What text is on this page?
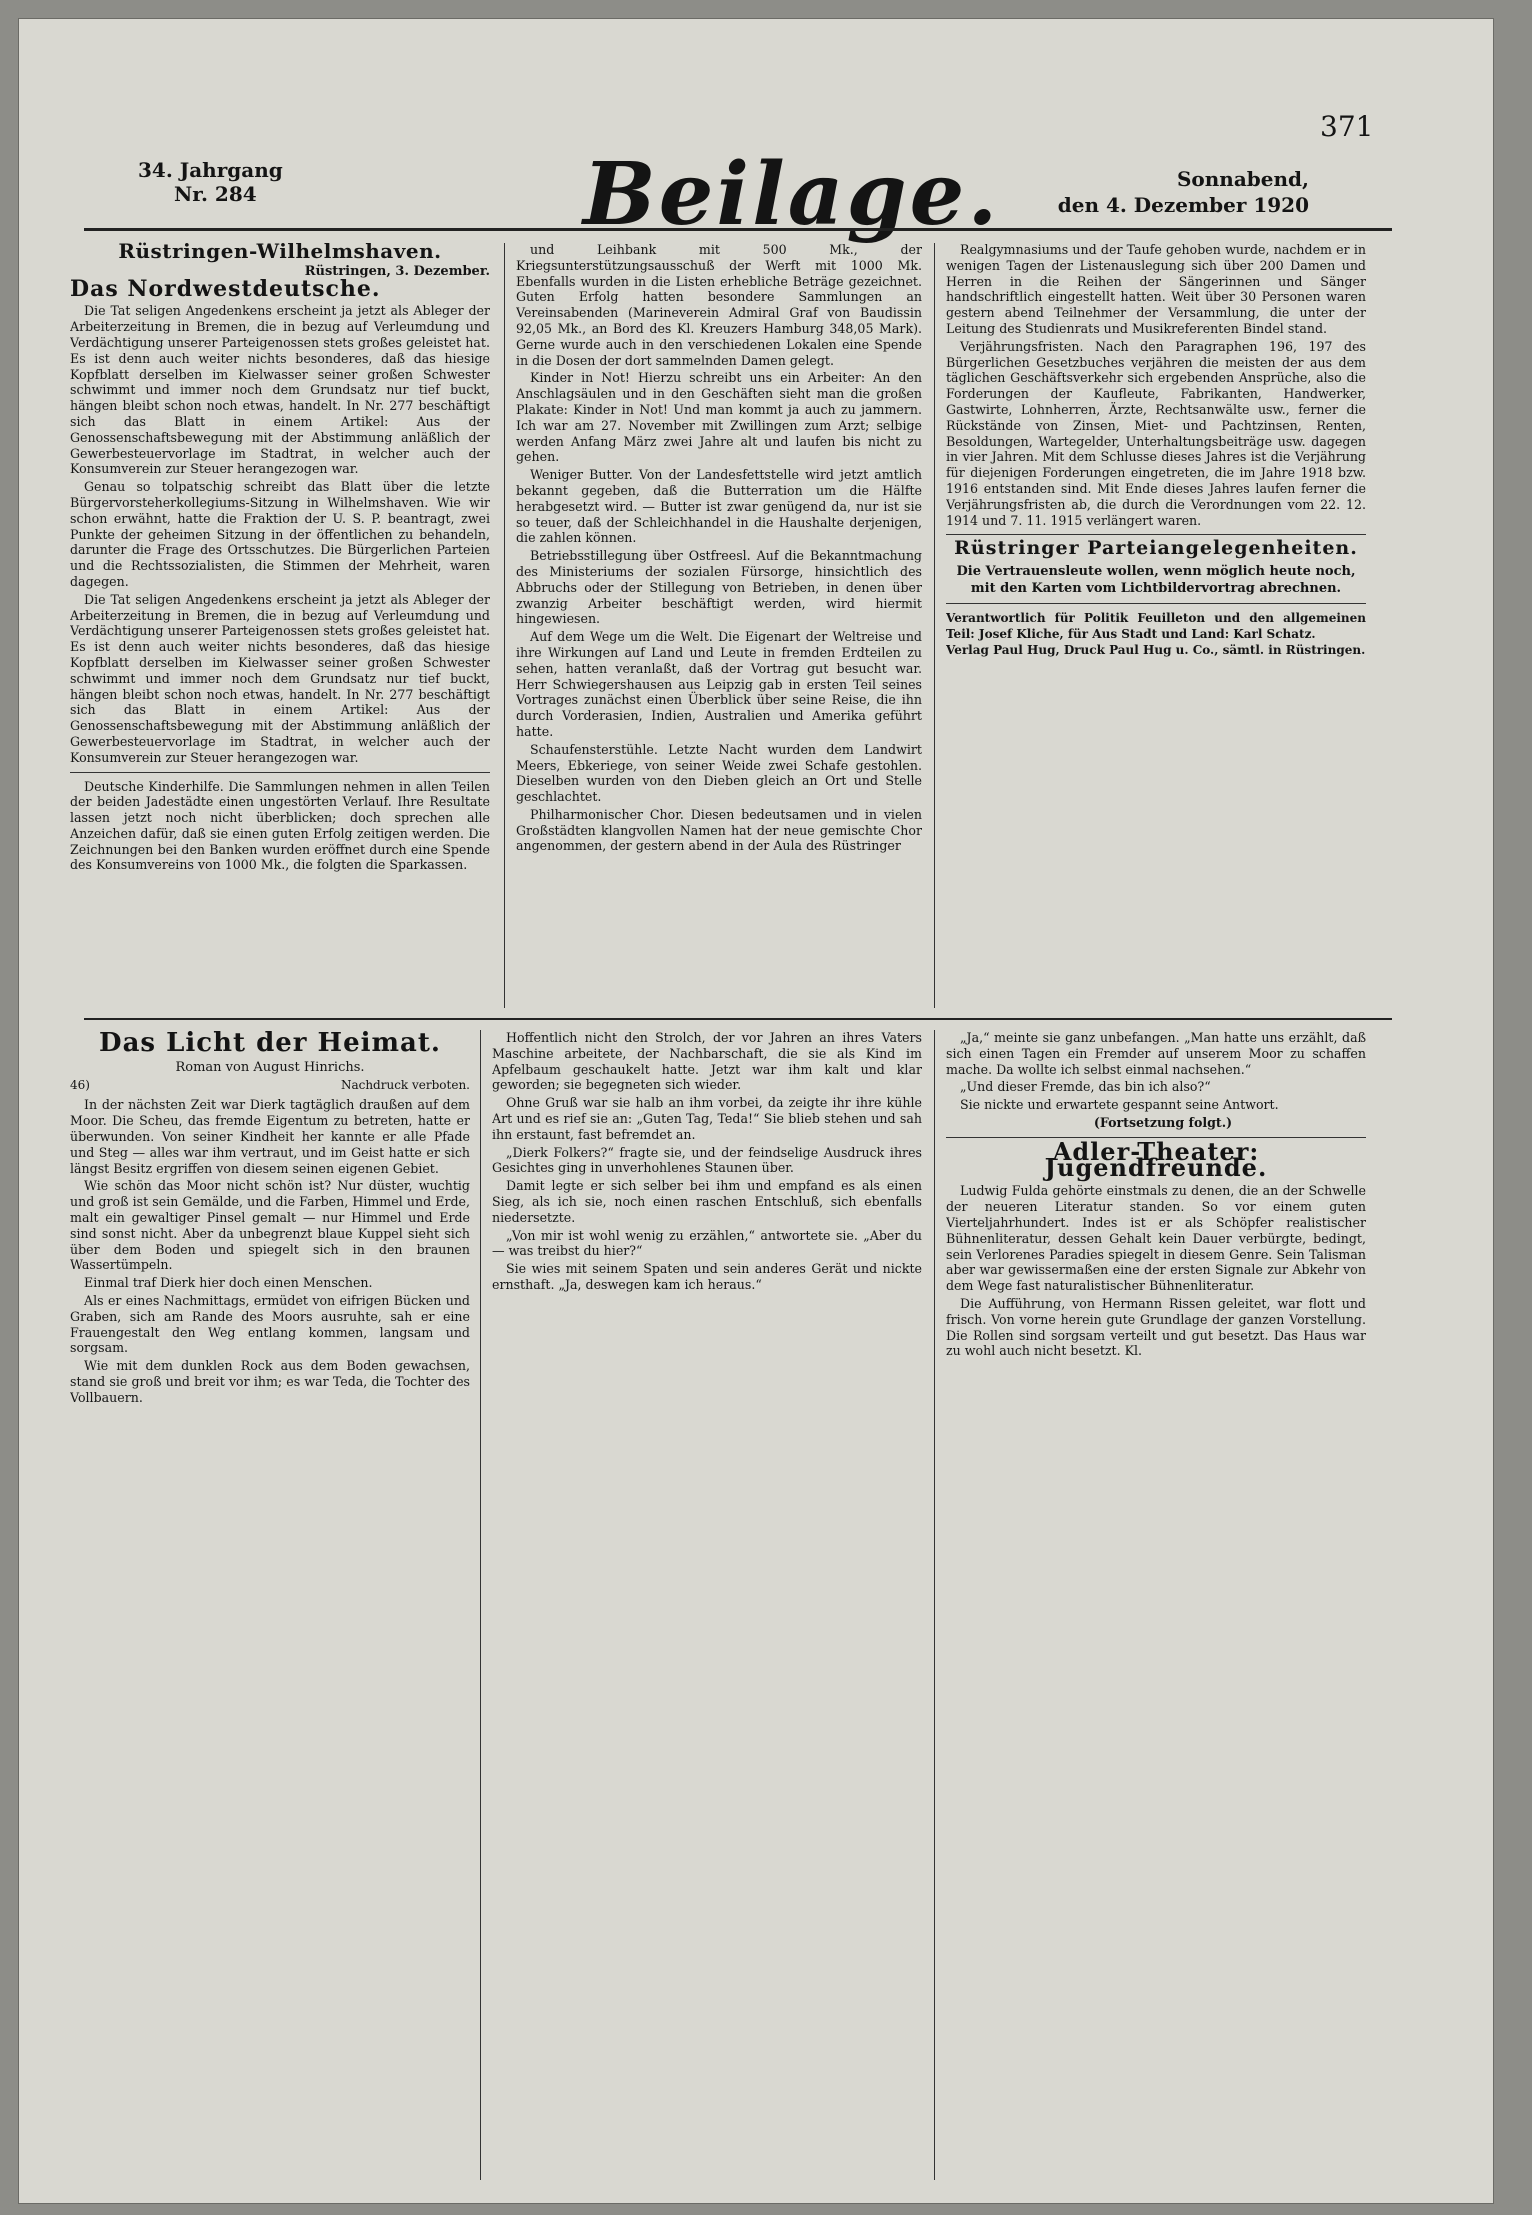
371
34. Jahrgang
Nr. 284	Beilage.	Sonnabend,
den 4. Dezember 1920
Rüstringen-Wilhelmshaven.
Rüstringen, 3. Dezember.
Das Nordwestdeutsche.

Die Tat seligen Angedenkens erscheint ja jetzt als Ableger der Arbeiterzeitung in Bremen, die in bezug auf Verleumdung und Verdächtigung unserer Parteigenossen stets großes geleistet hat. Es ist denn auch weiter nichts besonderes, daß das hiesige Kopfblatt derselben im Kielwasser seiner großen Schwester schwimmt und immer noch dem Grundsatz nur tief buckt, hängen bleibt schon noch etwas, handelt. In Nr. 277 beschäftigt sich das Blatt in einem Artikel: Aus der Genossenschaftsbewegung mit der Abstimmung anläßlich der Gewerbesteuervorlage im Stadtrat, in welcher auch der Konsumverein zur Steuer herangezogen war.

Genau so tolpatschig schreibt das Blatt über die letzte Bürgervorsteherkollegiums-Sitzung in Wilhelmshaven. Wie wir schon erwähnt, hatte die Fraktion der U. S. P. beantragt, zwei Punkte der geheimen Sitzung in der öffentlichen zu behandeln, darunter die Frage des Ortsschutzes. Die Bürgerlichen Parteien und die Rechtssozialisten, die Stimmen der Mehrheit, waren dagegen.

Die Tat seligen Angedenkens erscheint ja jetzt als Ableger der Arbeiterzeitung in Bremen, die in bezug auf Verleumdung und Verdächtigung unserer Parteigenossen stets großes geleistet hat. Es ist denn auch weiter nichts besonderes, daß das hiesige Kopfblatt derselben im Kielwasser seiner großen Schwester schwimmt und immer noch dem Grundsatz nur tief buckt, hängen bleibt schon noch etwas, handelt. In Nr. 277 beschäftigt sich das Blatt in einem Artikel: Aus der Genossenschaftsbewegung mit der Abstimmung anläßlich der Gewerbesteuervorlage im Stadtrat, in welcher auch der Konsumverein zur Steuer herangezogen war.

Deutsche Kinderhilfe. Die Sammlungen nehmen in allen Teilen der beiden Jadestädte einen ungestörten Verlauf. Ihre Resultate lassen jetzt noch nicht überblicken; doch sprechen alle Anzeichen dafür, daß sie einen guten Erfolg zeitigen werden. Die Zeichnungen bei den Banken wurden eröffnet durch eine Spende des Konsumvereins von 1000 Mk., die folgten die Sparkassen.

und Leihbank mit 500 Mk., der Kriegsunterstützungsausschuß der Werft mit 1000 Mk. Ebenfalls wurden in die Listen erhebliche Beträge gezeichnet. Guten Erfolg hatten besondere Sammlungen an Vereinsabenden (Marineverein Admiral Graf von Baudissin 92,05 Mk., an Bord des Kl. Kreuzers Hamburg 348,05 Mark). Gerne wurde auch in den verschiedenen Lokalen eine Spende in die Dosen der dort sammelnden Damen gelegt.

Kinder in Not! Hierzu schreibt uns ein Arbeiter: An den Anschlagsäulen und in den Geschäften sieht man die großen Plakate: Kinder in Not! Und man kommt ja auch zu jammern. Ich war am 27. November mit Zwillingen zum Arzt; selbige werden Anfang März zwei Jahre alt und laufen bis nicht zu gehen.

Weniger Butter. Von der Landesfettstelle wird jetzt amtlich bekannt gegeben, daß die Butterration um die Hälfte herabgesetzt wird. — Butter ist zwar genügend da, nur ist sie so teuer, daß der Schleichhandel in die Haushalte derjenigen, die zahlen können.

Betriebsstillegung über Ostfreesl. Auf die Bekanntmachung des Ministeriums der sozialen Fürsorge, hinsichtlich des Abbruchs oder der Stillegung von Betrieben, in denen über zwanzig Arbeiter beschäftigt werden, wird hiermit hingewiesen.

Auf dem Wege um die Welt. Die Eigenart der Weltreise und ihre Wirkungen auf Land und Leute in fremden Erdteilen zu sehen, hatten veranlaßt, daß der Vortrag gut besucht war. Herr Schwiegershausen aus Leipzig gab in ersten Teil seines Vortrages zunächst einen Überblick über seine Reise, die ihn durch Vorderasien, Indien, Australien und Amerika geführt hatte.

Schaufensterstühle. Letzte Nacht wurden dem Landwirt Meers, Ebkeriege, von seiner Weide zwei Schafe gestohlen. Dieselben wurden von den Dieben gleich an Ort und Stelle geschlachtet.

Philharmonischer Chor. Diesen bedeutsamen und in vielen Großstädten klangvollen Namen hat der neue gemischte Chor angenommen, der gestern abend in der Aula des Rüstringer

Realgymnasiums und der Taufe gehoben wurde, nachdem er in wenigen Tagen der Listenauslegung sich über 200 Damen und Herren in die Reihen der Sängerinnen und Sänger handschriftlich eingestellt hatten. Weit über 30 Personen waren gestern abend Teilnehmer der Versammlung, die unter der Leitung des Studienrats und Musikreferenten Bindel stand.

Verjährungsfristen. Nach den Paragraphen 196, 197 des Bürgerlichen Gesetzbuches verjähren die meisten der aus dem täglichen Geschäftsverkehr sich ergebenden Ansprüche, also die Forderungen der Kaufleute, Fabrikanten, Handwerker, Gastwirte, Lohnherren, Ärzte, Rechtsanwälte usw., ferner die Rückstände von Zinsen, Miet- und Pachtzinsen, Renten, Besoldungen, Wartegelder, Unterhaltungsbeiträge usw. dagegen in vier Jahren. Mit dem Schlusse dieses Jahres ist die Verjährung für diejenigen Forderungen eingetreten, die im Jahre 1918 bzw. 1916 entstanden sind. Mit Ende dieses Jahres laufen ferner die Verjährungsfristen ab, die durch die Verordnungen vom 22. 12. 1914 und 7. 11. 1915 verlängert waren.

Rüstringer Parteiangelegenheiten.
Die Vertrauensleute wollen, wenn möglich heute noch, mit den Karten vom Lichtbildervortrag abrechnen.
Verantwortlich für Politik Feuilleton und den allgemeinen Teil: Josef Kliche, für Aus Stadt und Land: Karl Schatz.
Verlag Paul Hug, Druck Paul Hug u. Co., sämtl. in Rüstringen.
Das Licht der Heimat.
Roman von August Hinrichs.
46)	Nachdruck verboten.

In der nächsten Zeit war Dierk tagtäglich draußen auf dem Moor. Die Scheu, das fremde Eigentum zu betreten, hatte er überwunden. Von seiner Kindheit her kannte er alle Pfade und Steg — alles war ihm vertraut, und im Geist hatte er sich längst Besitz ergriffen von diesem seinen eigenen Gebiet.

Wie schön das Moor nicht schön ist? Nur düster, wuchtig und groß ist sein Gemälde, und die Farben, Himmel und Erde, malt ein gewaltiger Pinsel gemalt — nur Himmel und Erde sind sonst nicht. Aber da unbegrenzt blaue Kuppel sieht sich über dem Boden und spiegelt sich in den braunen Wassertümpeln.

Einmal traf Dierk hier doch einen Menschen.

Als er eines Nachmittags, ermüdet von eifrigen Bücken und Graben, sich am Rande des Moors ausruhte, sah er eine Frauengestalt den Weg entlang kommen, langsam und sorgsam.

Wie mit dem dunklen Rock aus dem Boden gewachsen, stand sie groß und breit vor ihm; es war Teda, die Tochter des Vollbauern.

Hoffentlich nicht den Strolch, der vor Jahren an ihres Vaters Maschine arbeitete, der Nachbarschaft, die sie als Kind im Apfelbaum geschaukelt hatte. Jetzt war ihm kalt und klar geworden; sie begegneten sich wieder.

Ohne Gruß war sie halb an ihm vorbei, da zeigte ihr ihre kühle Art und es rief sie an: „Guten Tag, Teda!“ Sie blieb stehen und sah ihn erstaunt, fast befremdet an.

„Dierk Folkers?“ fragte sie, und der feindselige Ausdruck ihres Gesichtes ging in unverhohlenes Staunen über.

Damit legte er sich selber bei ihm und empfand es als einen Sieg, als ich sie, noch einen raschen Entschluß, sich ebenfalls niedersetzte.

„Von mir ist wohl wenig zu erzählen,“ antwortete sie. „Aber du — was treibst du hier?“

Sie wies mit seinem Spaten und sein anderes Gerät und nickte ernsthaft. „Ja, deswegen kam ich heraus.“

„Ja,“ meinte sie ganz unbefangen. „Man hatte uns erzählt, daß sich einen Tagen ein Fremder auf unserem Moor zu schaffen mache. Da wollte ich selbst einmal nachsehen.“

„Und dieser Fremde, das bin ich also?“

Sie nickte und erwartete gespannt seine Antwort.

(Fortsetzung folgt.)

Adler-Theater: Jugendfreunde.

Ludwig Fulda gehörte einstmals zu denen, die an der Schwelle der neueren Literatur standen. So vor einem guten Vierteljahrhundert. Indes ist er als Schöpfer realistischer Bühnenliteratur, dessen Gehalt kein Dauer verbürgte, bedingt, sein Verlorenes Paradies spiegelt in diesem Genre. Sein Talisman aber war gewissermaßen eine der ersten Signale zur Abkehr von dem Wege fast naturalistischer Bühnenliteratur.

Die Aufführung, von Hermann Rissen geleitet, war flott und frisch. Von vorne herein gute Grundlage der ganzen Vorstellung. Die Rollen sind sorgsam verteilt und gut besetzt. Das Haus war zu wohl auch nicht besetzt. Kl.
